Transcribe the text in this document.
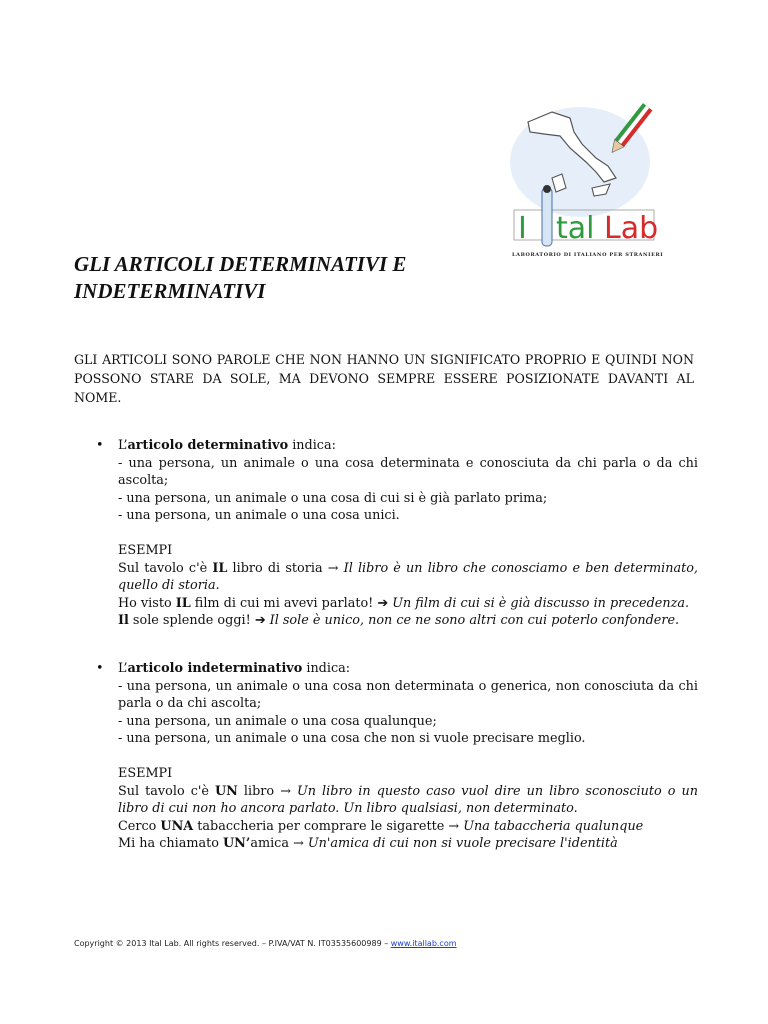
I tal Lab
LABORATORIO DI ITALIANO PER STRANIERI
GLI ARTICOLI DETERMINATIVI E
INDETERMINATIVI

GLI ARTICOLI SONO PAROLE CHE NON HANNO UN SIGNIFICATO PROPRIO E QUINDI NON POSSONO STARE DA SOLE, MA DEVONO SEMPRE ESSERE POSIZIONATE DAVANTI AL NOME.

• L’articolo determinativo indica:
- una persona, un animale o una cosa determinata e conosciuta da chi parla o da chi ascolta;
- una persona, un animale o una cosa di cui si è già parlato prima;
- una persona, un animale o una cosa unici.
ESEMPI
Sul tavolo c'è IL libro di storia → Il libro è un libro che conosciamo e ben determinato, quello di storia.
Ho visto IL film di cui mi avevi parlato! ➔ Un film di cui si è già discusso in precedenza.
Il sole splende oggi! ➔ Il sole è unico, non ce ne sono altri con cui poterlo confondere.
• L’articolo indeterminativo indica:
- una persona, un animale o una cosa non determinata o generica, non conosciuta da chi parla o da chi ascolta;
- una persona, un animale o una cosa qualunque;
- una persona, un animale o una cosa che non si vuole precisare meglio.
ESEMPI
Sul tavolo c'è UN libro → Un libro in questo caso vuol dire un libro sconosciuto o un libro di cui non ho ancora parlato. Un libro qualsiasi, non determinato.
Cerco UNA tabaccheria per comprare le sigarette → Una tabaccheria qualunque
Mi ha chiamato UN’amica → Un'amica di cui non si vuole precisare l'identità
Copyright © 2013 Ital Lab. All rights reserved. – P.IVA/VAT N. IT03535600989 – www.itallab.com
